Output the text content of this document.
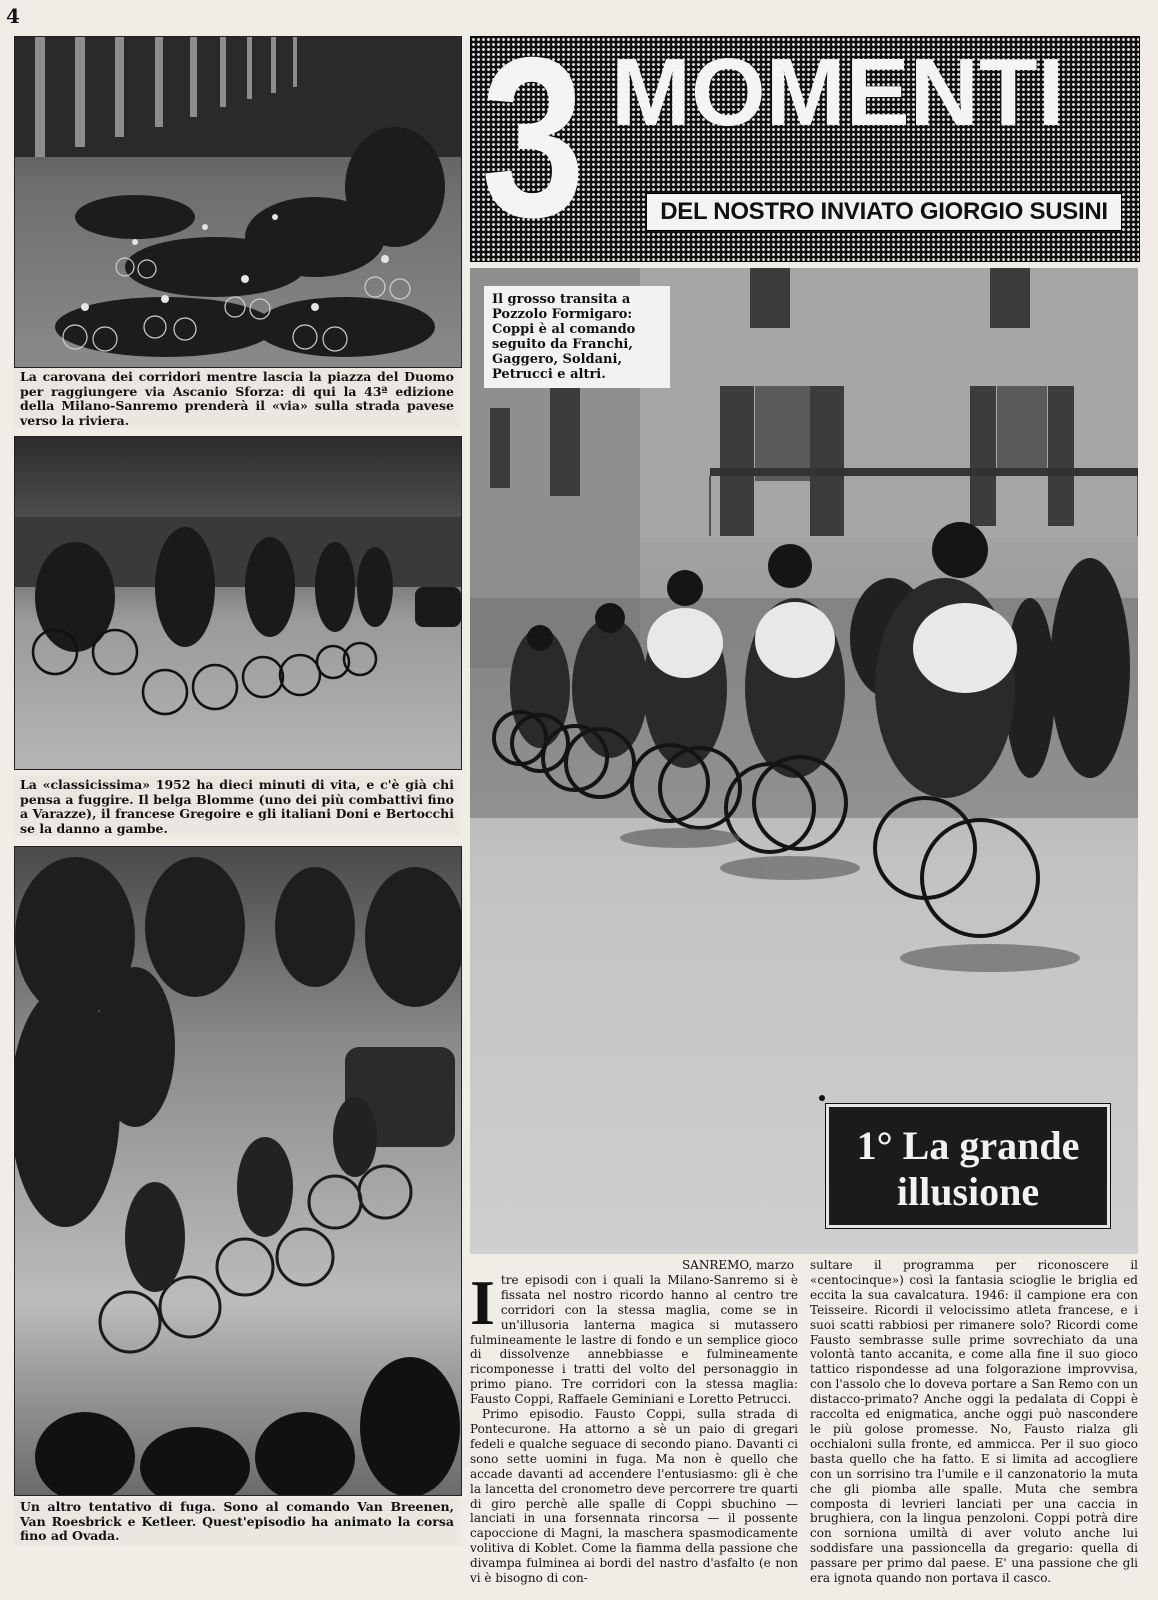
4
La carovana dei corridori mentre lascia la piazza del Duomo per raggiungere via Ascanio Sforza: di qui la 43ª edizione della Milano-Sanremo prenderà il «via» sulla strada pavese verso la riviera.
La «classicissima» 1952 ha dieci minuti di vita, e c'è già chi pensa a fuggire. Il belga Blomme (uno dei più combattivi fino a Varazze), il francese Gregoire e gli italiani Doni e Bertocchi se la danno a gambe.
Un altro tentativo di fuga. Sono al comando Van Breenen, Van Roesbrick e Ketleer. Quest'episodio ha animato la corsa fino ad Ovada.
3 MOMENTI
DEL NOSTRO INVIATO GIORGIO SUSINI
Il grosso transita a Pozzolo Formigaro: Coppi è al comando seguito da Franchi, Gaggero, Soldani, Petrucci e altri.
1° La grande
illusione
SANREMO, marzo
I tre episodi con i quali la Milano-Sanremo si è fissata nel nostro ricordo hanno al centro tre corridori con la stessa maglia, come se in un'illusoria lanterna magica si mutassero fulmineamente le lastre di fondo e un semplice gioco di dissolvenze annebbiasse e fulmineamente ricomponesse i tratti del volto del personaggio in primo piano. Tre corridori con la stessa maglia: Fausto Coppi, Raffaele Geminiani e Loretto Petrucci.

Primo episodio. Fausto Coppi, sulla strada di Pontecurone. Ha attorno a sè un paio di gregari fedeli e qualche seguace di secondo piano. Davanti ci sono sette uomini in fuga. Ma non è quello che accade davanti ad accendere l'entusiasmo: gli è che la lancetta del cronometro deve percorrere tre quarti di giro perchè alle spalle di Coppi sbuchino — lanciati in una forsennata rincorsa — il possente capoccione di Magni, la maschera spasmodicamente volitiva di Koblet. Come la fiamma della passione che divampa fulminea ai bordi del nastro d'asfalto (e non vi è bisogno di con-

sultare il programma per riconoscere il «centocinque») così la fantasia scioglie le briglia ed eccita la sua cavalcatura. 1946: il campione era con Teisseire. Ricordi il velocissimo atleta francese, e i suoi scatti rabbiosi per rimanere solo? Ricordi come Fausto sembrasse sulle prime sovrechiato da una volontà tanto accanita, e come alla fine il suo gioco tattico rispondesse ad una folgorazione improvvisa, con l'assolo che lo doveva portare a San Remo con un distacco-primato? Anche oggi la pedalata di Coppi è raccolta ed enigmatica, anche oggi può nascondere le più golose promesse. No, Fausto rialza gli occhialoni sulla fronte, ed ammicca. Per il suo gioco basta quello che ha fatto. E si limita ad accogliere con un sorrisino tra l'umile e il canzonatorio la muta che gli piomba alle spalle. Muta che sembra composta di levrieri lanciati per una caccia in brughiera, con la lingua penzoloni. Coppi potrà dire con sorniona umiltà di aver voluto anche lui soddisfare una passioncella da gregario: quella di passare per primo dal paese. E' una passione che gli era ignota quando non portava il casco.
